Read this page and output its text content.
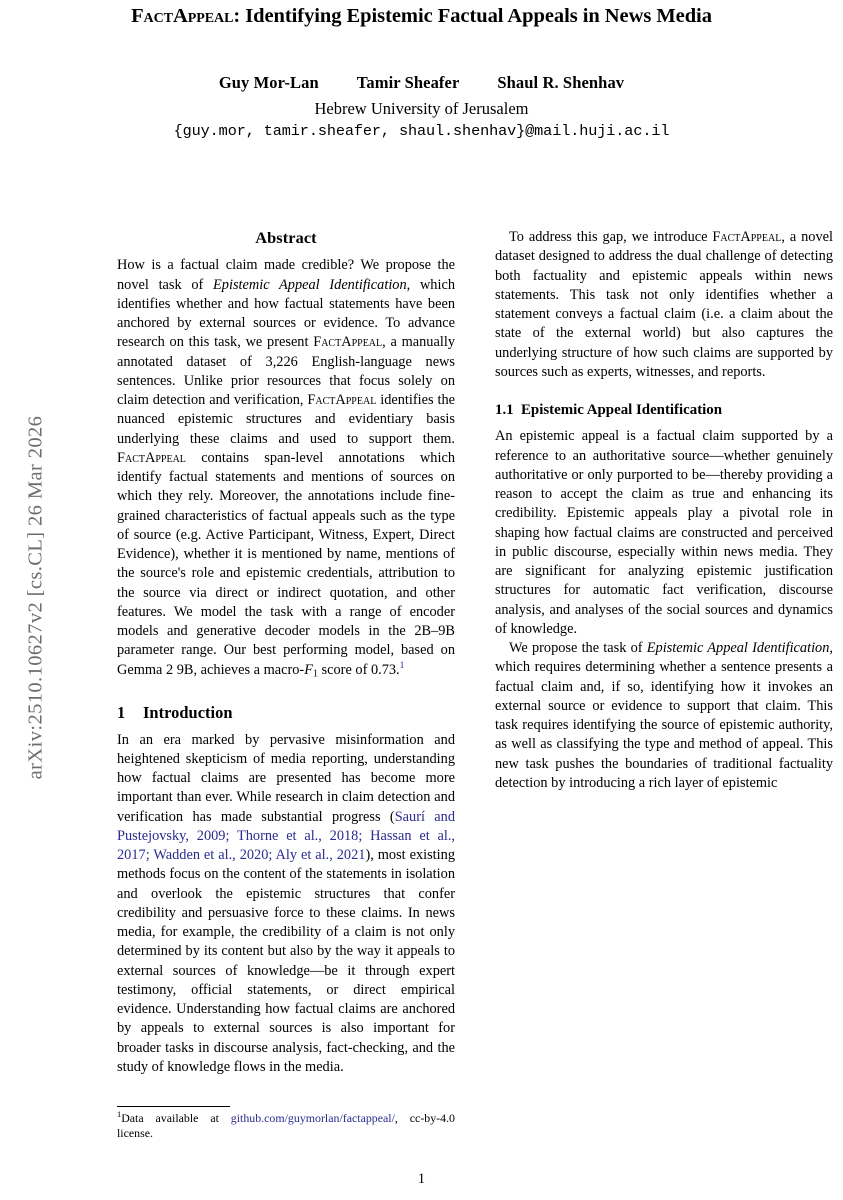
arXiv:2510.10627v2 [cs.CL] 26 Mar 2026
FactAppeal: Identifying Epistemic Factual Appeals in News Media
Guy Mor-Lan Tamir Sheafer Shaul R. Shenhav
Hebrew University of Jerusalem
{guy.mor, tamir.sheafer, shaul.shenhav}@mail.huji.ac.il
Abstract

How is a factual claim made credible? We propose the novel task of Epistemic Appeal Identification, which identifies whether and how factual statements have been anchored by external sources or evidence. To advance research on this task, we present FactAppeal, a manually annotated dataset of 3,226 English-language news sentences. Unlike prior resources that focus solely on claim detection and verification, FactAppeal identifies the nuanced epistemic structures and evidentiary basis underlying these claims and used to support them. FactAppeal contains span-level annotations which identify factual statements and mentions of sources on which they rely. Moreover, the annotations include fine-grained characteristics of factual appeals such as the type of source (e.g. Active Participant, Witness, Expert, Direct Evidence), whether it is mentioned by name, mentions of the source's role and epistemic credentials, attribution to the source via direct or indirect quotation, and other features. We model the task with a range of encoder models and generative decoder models in the 2B–9B parameter range. Our best performing model, based on Gemma 2 9B, achieves a macro-$F_1$ score of 0.73.$^1$

1 Introduction

In an era marked by pervasive misinformation and heightened skepticism of media reporting, understanding how factual claims are presented has become more important than ever. While research in claim detection and verification has made substantial progress (Saurí and Pustejovsky, 2009; Thorne et al., 2018; Hassan et al., 2017; Wadden et al., 2020; Aly et al., 2021), most existing methods focus on the content of the statements in isolation and overlook the epistemic structures that confer credibility and persuasive force to these claims. In news media, for example, the credibility of a claim is not only determined by its content but also by the way it appeals to external sources of knowledge—be it through expert testimony, official statements, or direct empirical evidence. Understanding how factual claims are anchored by appeals to external sources is also important for broader tasks in discourse analysis, fact-checking, and the study of knowledge flows in the media.

To address this gap, we introduce FactAppeal, a novel dataset designed to address the dual challenge of detecting both factuality and epistemic appeals within news statements. This task not only identifies whether a statement conveys a factual claim (i.e. a claim about the state of the external world) but also captures the underlying structure of how such claims are supported by sources such as experts, witnesses, and reports.

1.1 Epistemic Appeal Identification

An epistemic appeal is a factual claim supported by a reference to an authoritative source—whether genuinely authoritative or only purported to be—thereby providing a reason to accept the claim as true and enhancing its credibility. Epistemic appeals play a pivotal role in shaping how factual claims are constructed and perceived in public discourse, especially within news media. They are significant for analyzing epistemic justification structures for automatic fact verification, discourse analysis, and analyses of the social sources and dynamics of knowledge.

We propose the task of Epistemic Appeal Identification, which requires determining whether a sentence presents a factual claim and, if so, identifying how it invokes an external source or evidence to support that claim. This task requires identifying the source of epistemic authority, as well as classifying the type and method of appeal. This new task pushes the boundaries of traditional factuality detection by introducing a rich layer of epistemic

$^1$Data available at github.com/guymorlan/factappeal/, cc-by-4.0 license.
1
